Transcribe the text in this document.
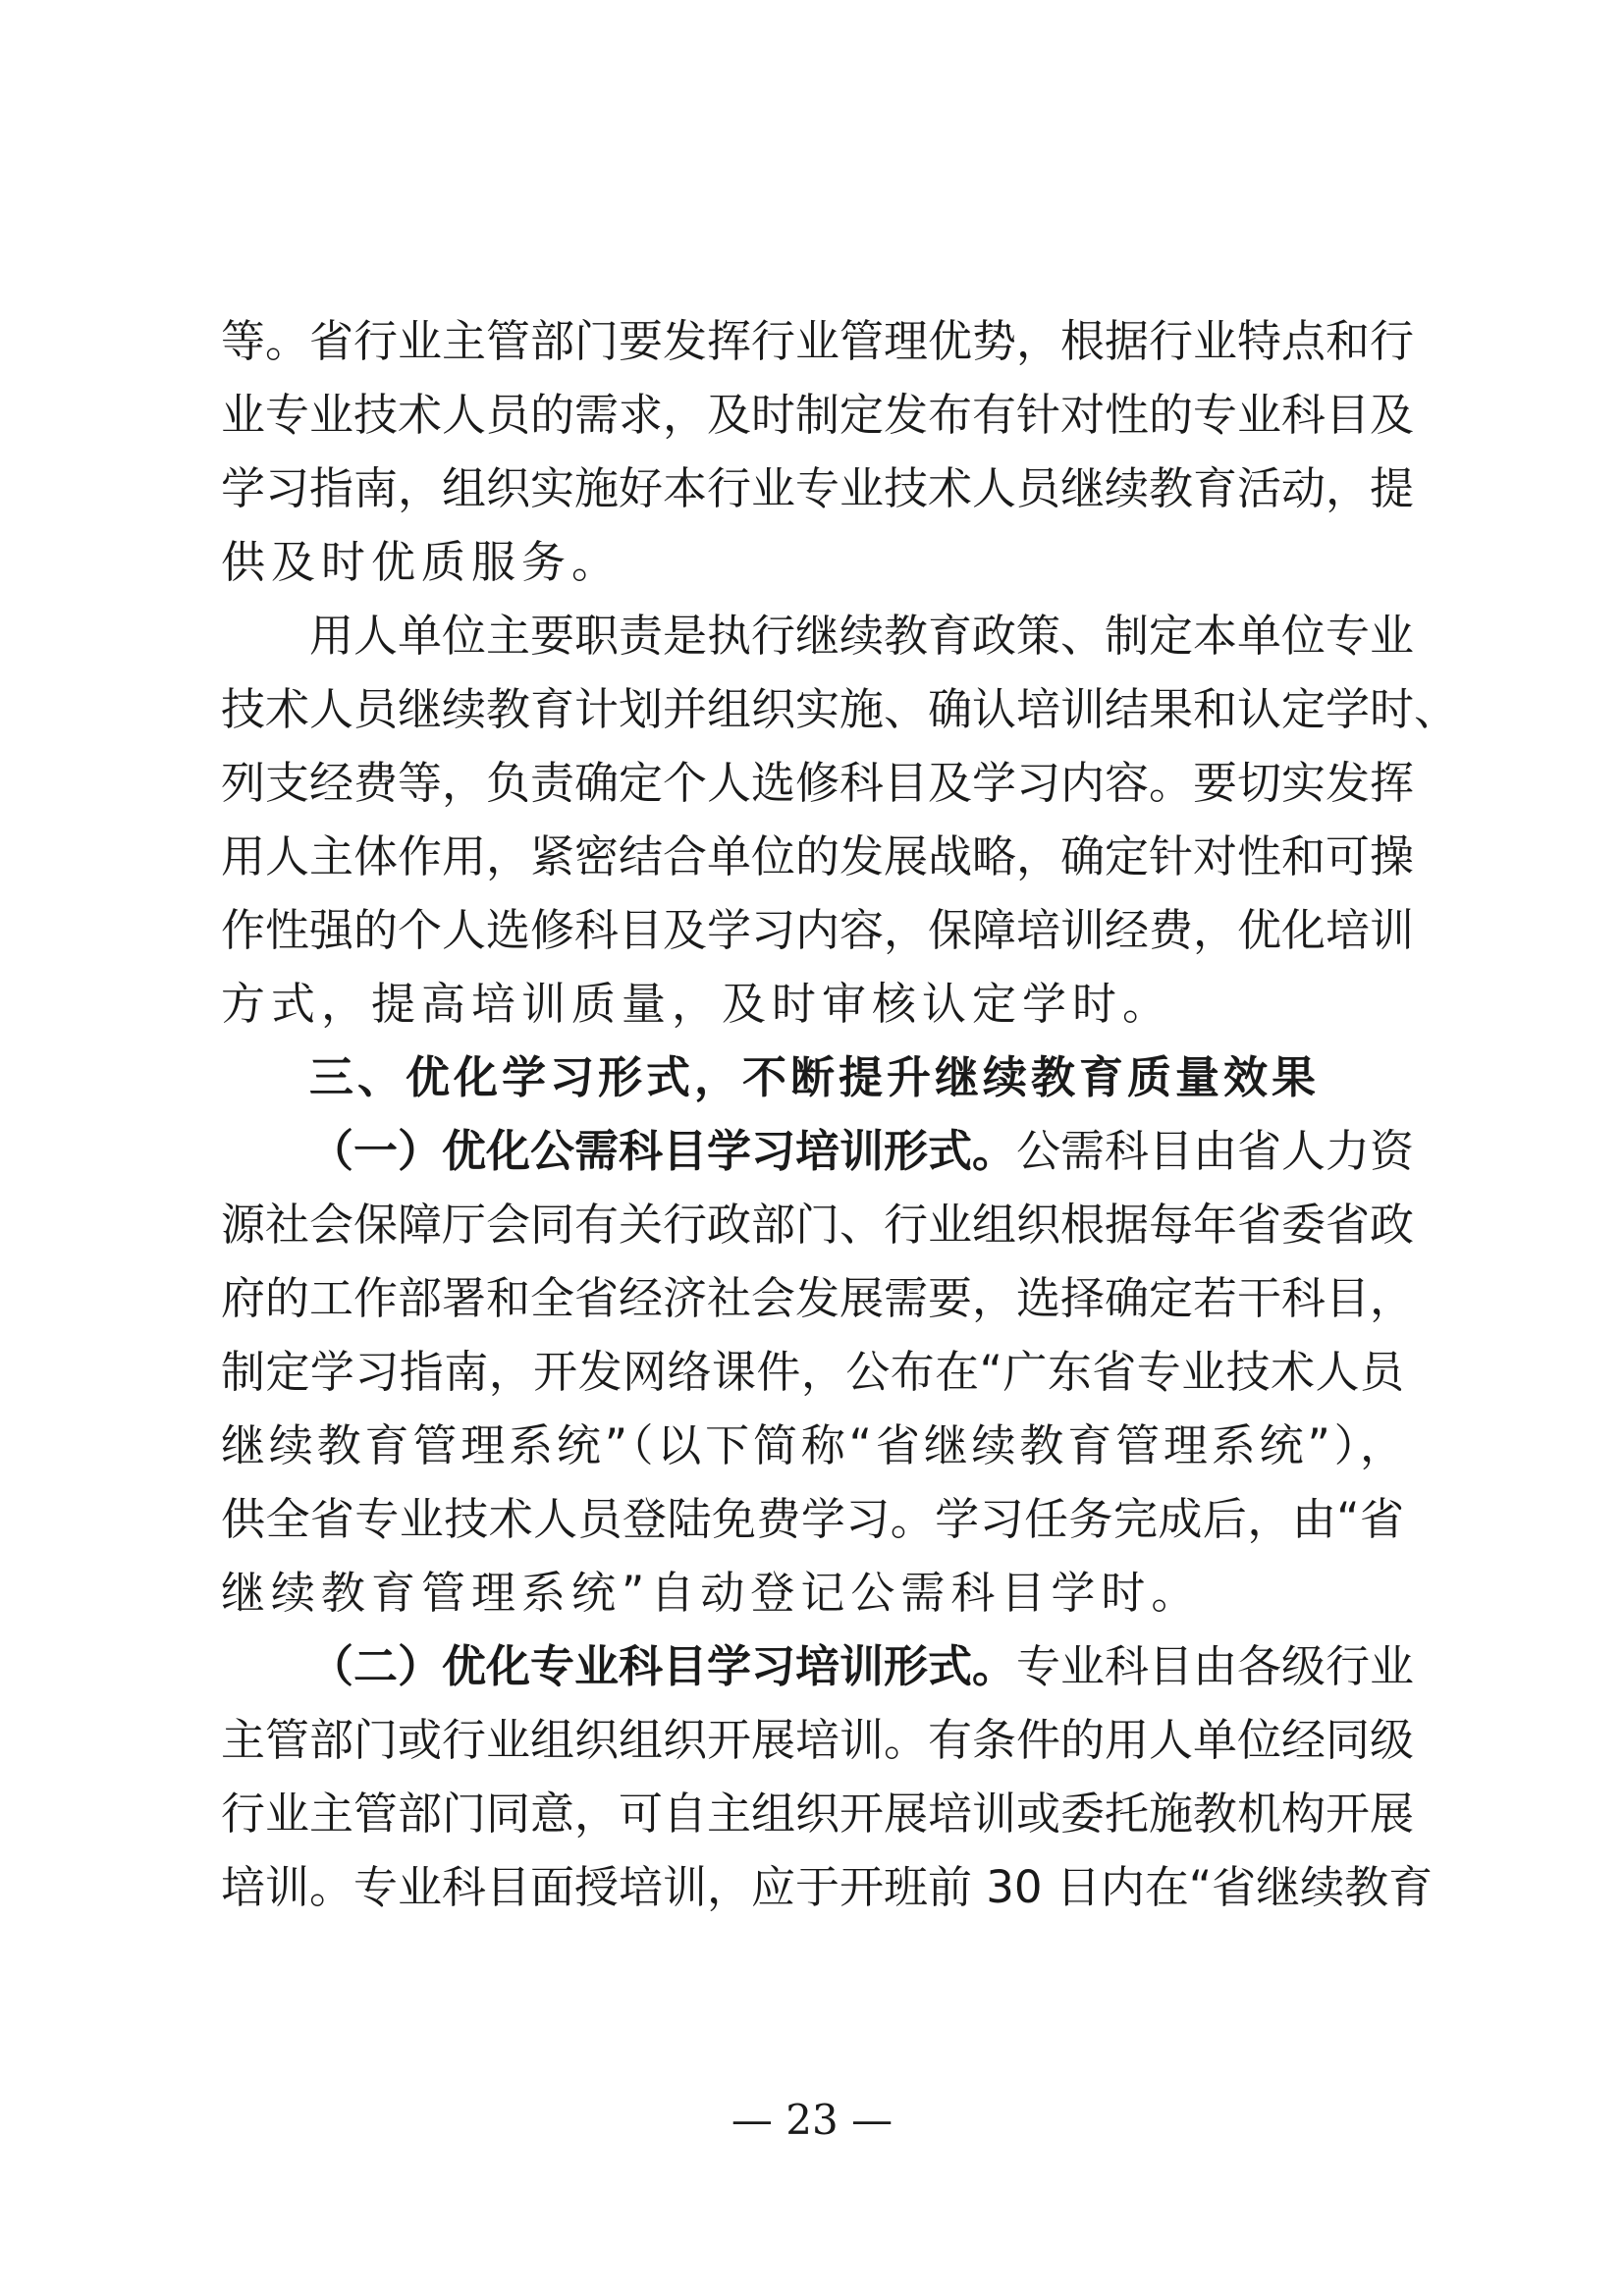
等。省行业主管部门要发挥行业管理优势，根据行业特点和行
业专业技术人员的需求，及时制定发布有针对性的专业科目及
学习指南，组织实施好本行业专业技术人员继续教育活动，提
供及时优质服务。
用人单位主要职责是执行继续教育政策、制定本单位专业
技术人员继续教育计划并组织实施、确认培训结果和认定学时、
列支经费等，负责确定个人选修科目及学习内容。要切实发挥
用人主体作用，紧密结合单位的发展战略，确定针对性和可操
作性强的个人选修科目及学习内容，保障培训经费，优化培训
方式，提高培训质量，及时审核认定学时。
三、优化学习形式，不断提升继续教育质量效果
（一）优化公需科目学习培训形式。公需科目由省人力资
源社会保障厅会同有关行政部门、行业组织根据每年省委省政
府的工作部署和全省经济社会发展需要，选择确定若干科目，
制定学习指南，开发网络课件，公布在“广东省专业技术人员
继续教育管理系统”（以下简称“省继续教育管理系统”），
供全省专业技术人员登陆免费学习。学习任务完成后，由“省
继续教育管理系统”自动登记公需科目学时。
（二）优化专业科目学习培训形式。专业科目由各级行业
主管部门或行业组织组织开展培训。有条件的用人单位经同级
行业主管部门同意，可自主组织开展培训或委托施教机构开展
培训。专业科目面授培训，应于开班前 30 日内在“省继续教育
— 23 —
